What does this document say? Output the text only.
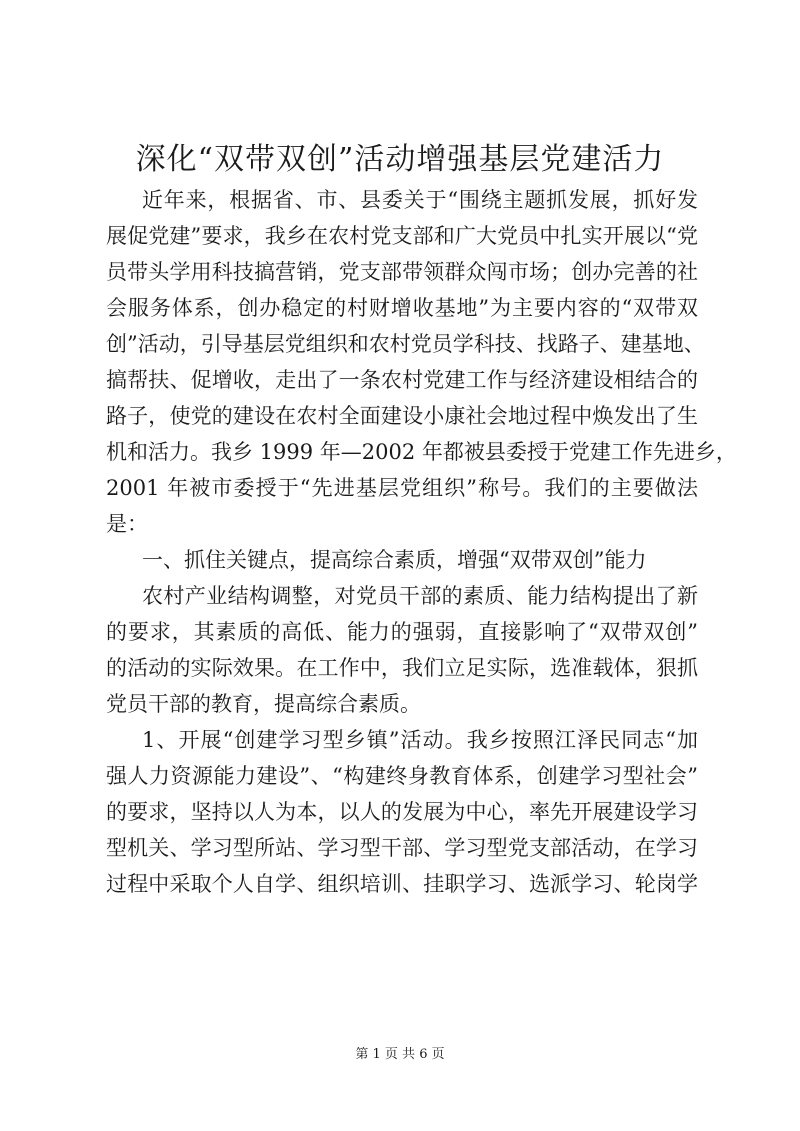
深化“双带双创”活动增强基层党建活力
近年来，根据省、市、县委关于“围绕主题抓发展，抓好发
展促党建”要求，我乡在农村党支部和广大党员中扎实开展以“党
员带头学用科技搞营销，党支部带领群众闯市场；创办完善的社
会服务体系，创办稳定的村财增收基地”为主要内容的“双带双
创”活动，引导基层党组织和农村党员学科技、找路子、建基地、
搞帮扶、促增收，走出了一条农村党建工作与经济建设相结合的
路子，使党的建设在农村全面建设小康社会地过程中焕发出了生
机和活力。我乡 1999 年—2002 年都被县委授于党建工作先进乡，
2001 年被市委授于“先进基层党组织”称号。我们的主要做法
是：
一、抓住关键点，提高综合素质，增强“双带双创”能力
农村产业结构调整，对党员干部的素质、能力结构提出了新
的要求，其素质的高低、能力的强弱，直接影响了“双带双创”
的活动的实际效果。在工作中，我们立足实际，选准载体，狠抓
党员干部的教育，提高综合素质。
1、开展“创建学习型乡镇”活动。我乡按照江泽民同志“加
强人力资源能力建设”、“构建终身教育体系，创建学习型社会”
的要求，坚持以人为本，以人的发展为中心，率先开展建设学习
型机关、学习型所站、学习型干部、学习型党支部活动，在学习
过程中采取个人自学、组织培训、挂职学习、选派学习、轮岗学
第 1 页 共 6 页
